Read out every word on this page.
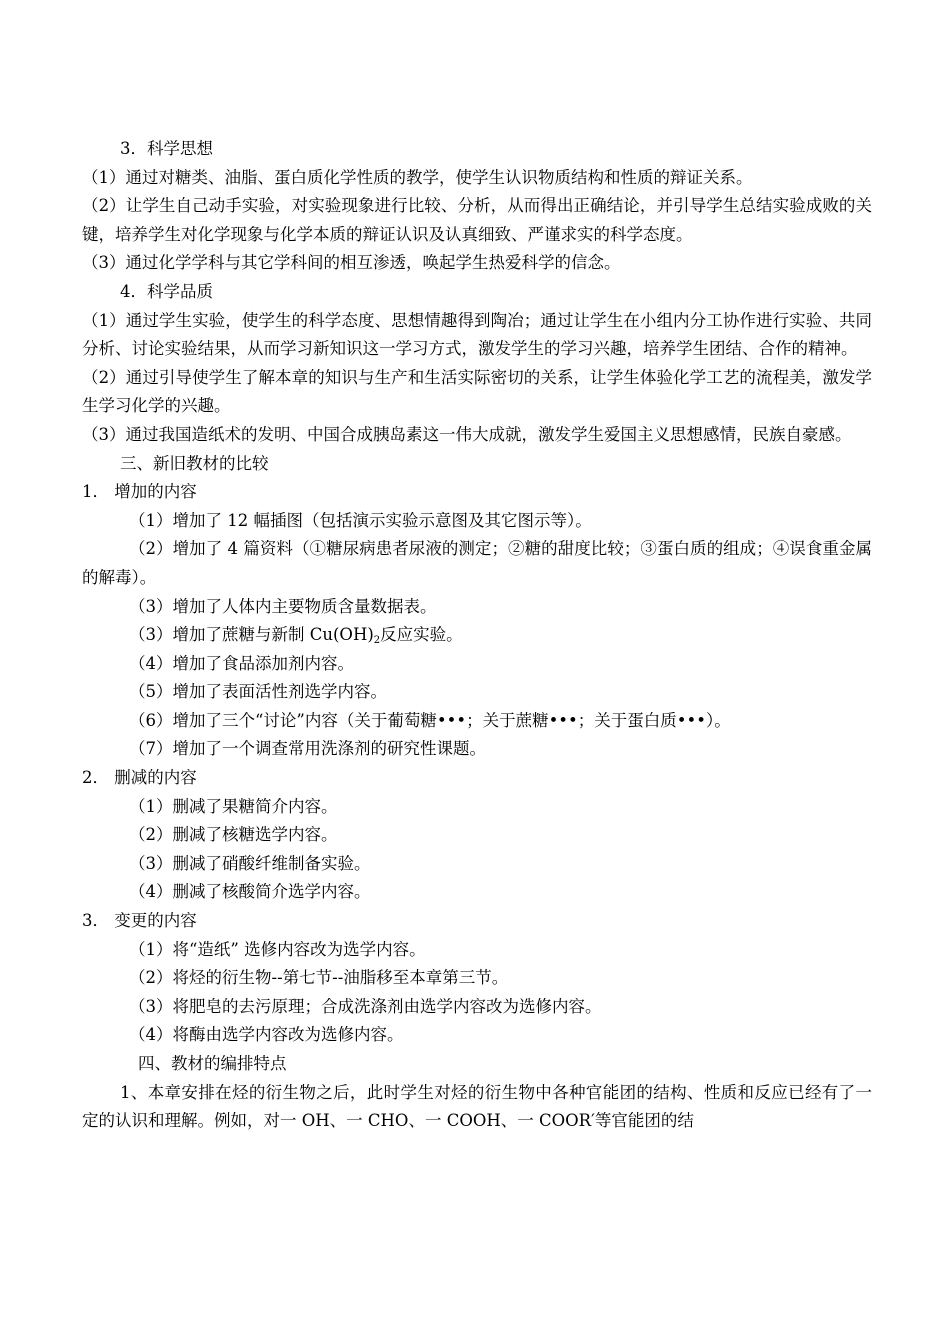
3．科学思想

（1）通过对糖类、油脂、蛋白质化学性质的教学，使学生认识物质结构和性质的辩证关系。

（2）让学生自己动手实验，对实验现象进行比较、分析，从而得出正确结论，并引导学生总结实验成败的关键，培养学生对化学现象与化学本质的辩证认识及认真细致、严谨求实的科学态度。

（3）通过化学学科与其它学科间的相互渗透，唤起学生热爱科学的信念。

4．科学品质

（1）通过学生实验，使学生的科学态度、思想情趣得到陶冶；通过让学生在小组内分工协作进行实验、共同分析、讨论实验结果，从而学习新知识这一学习方式，激发学生的学习兴趣，培养学生团结、合作的精神。

（2）通过引导使学生了解本章的知识与生产和生活实际密切的关系，让学生体验化学工艺的流程美，激发学生学习化学的兴趣。

（3）通过我国造纸术的发明、中国合成胰岛素这一伟大成就，激发学生爱国主义思想感情，民族自豪感。

三、新旧教材的比较
1． 增加的内容
（1）增加了 12 幅插图（包括演示实验示意图及其它图示等）。

（2）增加了 4 篇资料（①糖尿病患者尿液的测定；②糖的甜度比较；③蛋白质的组成；④误食重金属的解毒）。

（3）增加了人体内主要物质含量数据表。
（3）增加了蔗糖与新制 $Cu(OH)_2$反应实验。
（4）增加了食品添加剂内容。
（5）增加了表面活性剂选学内容。
（6）增加了三个“讨论”内容（关于葡萄糖•••；关于蔗糖•••；关于蛋白质•••）。
（7）增加了一个调查常用洗涤剂的研究性课题。
2． 删减的内容
（1）删减了果糖简介内容。
（2）删减了核糖选学内容。
（3）删减了硝酸纤维制备实验。
（4）删减了核酸简介选学内容。
3． 变更的内容
（1）将“造纸” 选修内容改为选学内容。
（2）将烃的衍生物--第七节--油脂移至本章第三节。
（3）将肥皂的去污原理；合成洗涤剂由选学内容改为选修内容。
（4）将酶由选学内容改为选修内容。
四、教材的编排特点

1、本章安排在烃的衍生物之后，此时学生对烃的衍生物中各种官能团的结构、性质和反应已经有了一定的认识和理解。例如，对一 OH、一 CHO、一 COOH、一 COOR′等官能团的结
